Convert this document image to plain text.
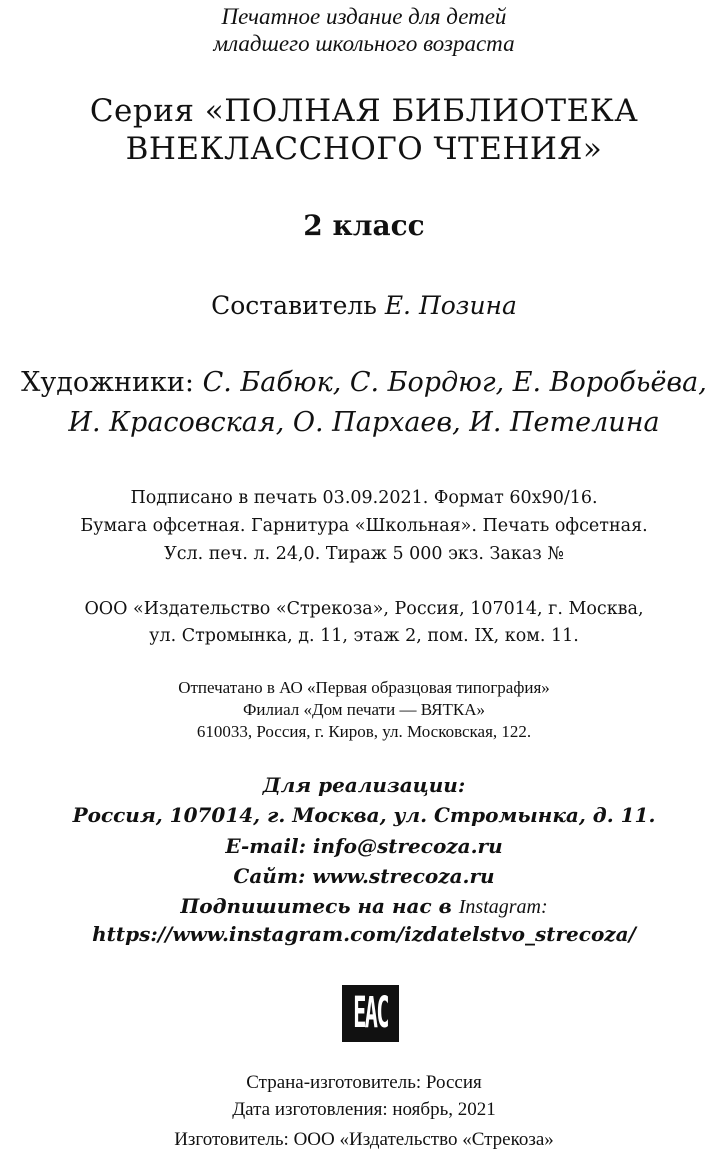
Печатное издание для детей
младшего школьного возраста
Серия «ПОЛНАЯ БИБЛИОТЕКА
ВНЕКЛАССНОГО ЧТЕНИЯ»
2 класс
Составитель Е. Позина
Художники: С. Бабюк, С. Бордюг, Е. Воробьёва,
И. Красовская, О. Пархаев, И. Петелина
Подписано в печать 03.09.2021. Формат 60х90/16.
Бумага офсетная. Гарнитура «Школьная». Печать офсетная.
Усл. печ. л. 24,0. Тираж 5 000 экз. Заказ №
ООО «Издательство «Стрекоза», Россия, 107014, г. Москва,
ул. Стромынка, д. 11, этаж 2, пом. IX, ком. 11.
Отпечатано в АО «Первая образцовая типография»
Филиал «Дом печати — ВЯТКА»
610033, Россия, г. Киров, ул. Московская, 122.
Для реализации:
Россия, 107014, г. Москва, ул. Стромынка, д. 11.
E-mail: info@strecoza.ru
Сайт: www.strecoza.ru
Подпишитесь на нас в Instagram:
https://www.instagram.com/izdatelstvo_strecoza/
EAC
Страна-изготовитель: Россия
Дата изготовления: ноябрь, 2021
Изготовитель: ООО «Издательство «Стрекоза»
